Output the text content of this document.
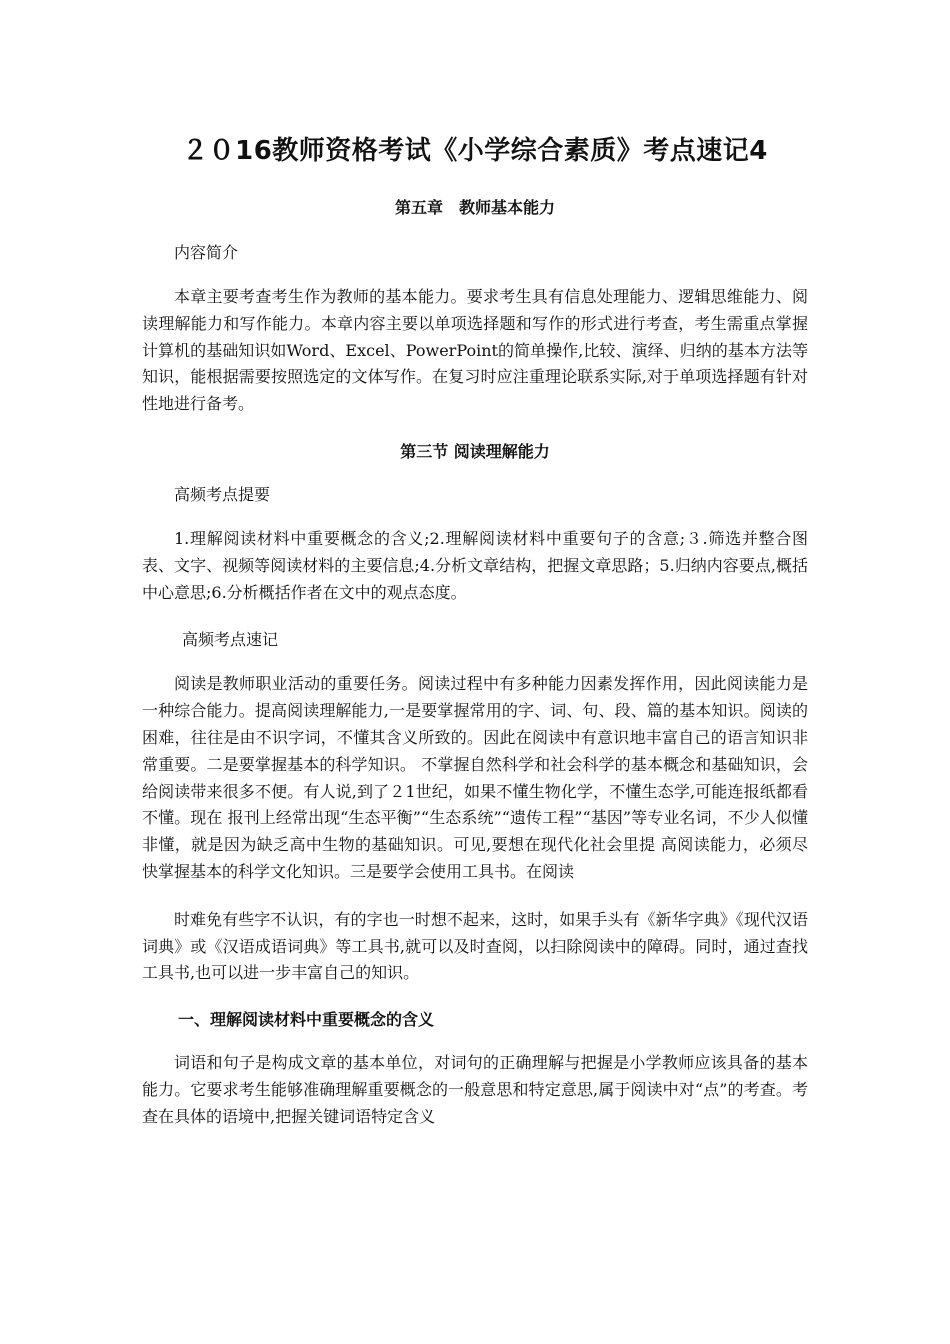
２０16教师资格考试《小学综合素质》考点速记4
第五章　教师基本能力
内容简介
本章主要考查考生作为教师的基本能力。要求考生具有信息处理能力、逻辑思维能力、阅读理解能力和写作能力。本章内容主要以单项选择题和写作的形式进行考查，考生需重点掌握计算机的基础知识如Word、Excel、PowerPoint的简单操作,比较、演绎、归纳的基本方法等知识，能根据需要按照选定的文体写作。在复习时应注重理论联系实际,对于单项选择题有针对性地进行备考。
第三节 阅读理解能力
高频考点提要
1.理解阅读材料中重要概念的含义;2.理解阅读材料中重要句子的含意;３.筛选并整合图表、文字、视频等阅读材料的主要信息;4.分析文章结构，把握文章思路；5.归纳内容要点,概括中心意思;6.分析概括作者在文中的观点态度。
高频考点速记
阅读是教师职业活动的重要任务。阅读过程中有多种能力因素发挥作用，因此阅读能力是一种综合能力。提高阅读理解能力,一是要掌握常用的字、词、句、段、篇的基本知识。阅读的困难，往往是由不识字词，不懂其含义所致的。因此在阅读中有意识地丰富自己的语言知识非常重要。二是要掌握基本的科学知识。 不掌握自然科学和社会科学的基本概念和基础知识，会给阅读带来很多不便。有人说,到了２1世纪，如果不懂生物化学，不懂生态学,可能连报纸都看不懂。现在 报刊上经常出现“生态平衡”“生态系统”“遗传工程”“基因”等专业名词，不少人似懂非懂，就是因为缺乏高中生物的基础知识。可见,要想在现代化社会里提 高阅读能力，必须尽快掌握基本的科学文化知识。三是要学会使用工具书。在阅读
时难免有些字不认识，有的字也一时想不起来，这时，如果手头有《新华字典》《现代汉语词典》或《汉语成语词典》等工具书,就可以及时查阅，以扫除阅读中的障碍。同时，通过查找工具书,也可以进一步丰富自己的知识。
一、理解阅读材料中重要概念的含义
词语和句子是构成文章的基本单位，对词句的正确理解与把握是小学教师应该具备的基本能力。它要求考生能够准确理解重要概念的一般意思和特定意思,属于阅读中对“点”的考查。考查在具体的语境中,把握关键词语特定含义
